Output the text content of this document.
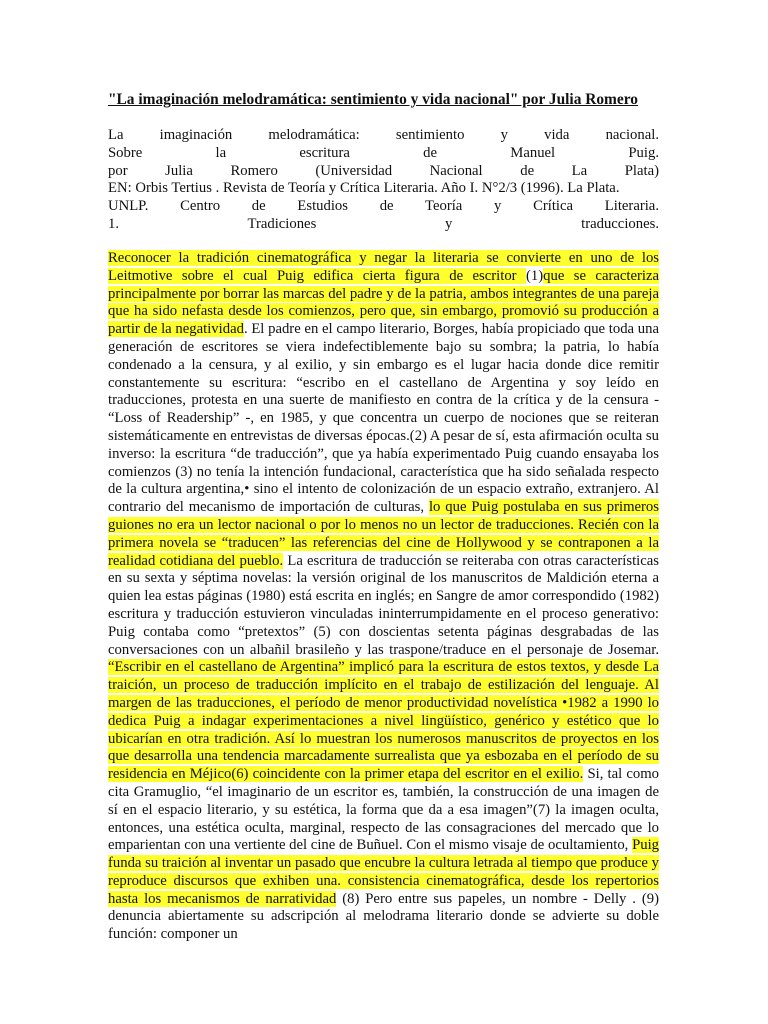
"La imaginación melodramática: sentimiento y vida nacional" por Julia Romero
La imaginación melodramática: sentimiento y vida nacional.
Sobre la escritura de Manuel Puig.
por Julia Romero (Universidad Nacional de La Plata)
EN: Orbis Tertius . Revista de Teoría y Crítica Literaria. Año I. N°2/3 (1996). La Plata.
UNLP. Centro de Estudios de Teoría y Crítica Literaria.
1. Tradiciones y traducciones.
Reconocer la tradición cinematográfica y negar la literaria se convierte en uno de los Leitmotive sobre el cual Puig edifica cierta figura de escritor (1)que se caracteriza principalmente por borrar las marcas del padre y de la patria, ambos integrantes de una pareja que ha sido nefasta desde los comienzos, pero que, sin embargo, promovió su producción a partir de la negatividad. El padre en el campo literario, Borges, había propiciado que toda una generación de escritores se viera indefectiblemente bajo su sombra; la patria, lo había condenado a la censura, y al exilio, y sin embargo es el lugar hacia donde dice remitir constantemente su escritura: “escribo en el castellano de Argentina y soy leído en traducciones, protesta en una suerte de manifiesto en contra de la crítica y de la censura - “Loss of Readership” -, en 1985, y que concentra un cuerpo de nociones que se reiteran sistemáticamente en entrevistas de diversas épocas.(2) A pesar de sí, esta afirmación oculta su inverso: la escritura “de traducción”, que ya había experimentado Puig cuando ensayaba los comienzos (3) no tenía la intención fundacional, característica que ha sido señalada respecto de la cultura argentina,• sino el intento de colonización de un espacio extraño, extranjero. Al contrario del mecanismo de importación de culturas, lo que Puig postulaba en sus primeros guiones no era un lector nacional o por lo menos no un lector de traducciones. Recién con la primera novela se “traducen” las referencias del cine de Hollywood y se contraponen a la realidad cotidiana del pueblo. La escritura de traducción se reiteraba con otras características en su sexta y séptima novelas: la versión original de los manuscritos de Maldición eterna a quien lea estas páginas (1980) está escrita en inglés; en Sangre de amor correspondido (1982) escritura y traducción estuvieron vinculadas ininterrumpidamente en el proceso generativo: Puig contaba como “pretextos” (5) con doscientas setenta páginas desgrabadas de las conversaciones con un albañil brasileño y las traspone/traduce en el personaje de Josemar. “Escribir en el castellano de Argentina” implicó para la escritura de estos textos, y desde La traición, un proceso de traducción implícito en el trabajo de estilización del lenguaje. Al margen de las traducciones, el período de menor productividad novelística •1982 a 1990 lo dedica Puig a indagar experimentaciones a nivel lingüístico, genérico y estético que lo ubicarían en otra tradición. Así lo muestran los numerosos manuscritos de proyectos en los que desarrolla una tendencia marcadamente surrealista que ya esbozaba en el período de su residencia en Méjico(6) coincidente con la primer etapa del escritor en el exilio. Si, tal como cita Gramuglio, “el imaginario de un escritor es, también, la construcción de una imagen de sí en el espacio literario, y su estética, la forma que da a esa imagen”(7) la imagen oculta, entonces, una estética oculta, marginal, respecto de las consagraciones del mercado que lo emparientan con una vertiente del cine de Buñuel. Con el mismo visaje de ocultamiento, Puig funda su traición al inventar un pasado que encubre la cultura letrada al tiempo que produce y reproduce discursos que exhiben una. consistencia cinematográfica, desde los repertorios hasta los mecanismos de narratividad (8) Pero entre sus papeles, un nombre - Delly . (9) denuncia abiertamente su adscripción al melodrama literario donde se advierte su doble función: componer un
